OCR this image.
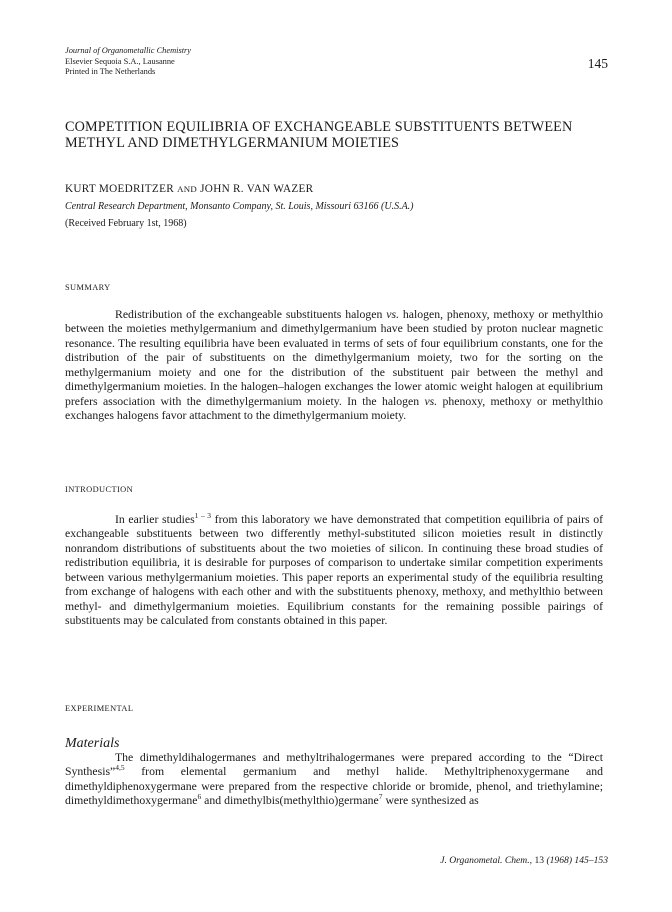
Journal of Organometallic Chemistry
Elsevier Sequoia S.A., Lausanne
Printed in The Netherlands
145
COMPETITION EQUILIBRIA OF EXCHANGEABLE SUBSTITUENTS BETWEEN METHYL AND DIMETHYLGERMANIUM MOIETIES
KURT MOEDRITZER AND JOHN R. VAN WAZER
Central Research Department, Monsanto Company, St. Louis, Missouri 63166 (U.S.A.)
(Received February 1st, 1968)
SUMMARY

Redistribution of the exchangeable substituents halogen vs. halogen, phenoxy, methoxy or methylthio between the moieties methylgermanium and dimethylgermanium have been studied by proton nuclear magnetic resonance. The resulting equilibria have been evaluated in terms of sets of four equilibrium constants, one for the distribution of the pair of substituents on the dimethylgermanium moiety, two for the sorting on the methylgermanium moiety and one for the distribution of the substituent pair between the methyl and dimethylgermanium moieties. In the halogen–halogen exchanges the lower atomic weight halogen at equilibrium prefers association with the dimethylgermanium moiety. In the halogen vs. phenoxy, methoxy or methylthio exchanges halogens favor attachment to the dimethylgermanium moiety.

INTRODUCTION

In earlier studies$^{1 - 3}$ from this laboratory we have demonstrated that competition equilibria of pairs of exchangeable substituents between two differently methyl-substituted silicon moieties result in distinctly nonrandom distributions of substituents about the two moieties of silicon. In continuing these broad studies of redistribution equilibria, it is desirable for purposes of comparison to undertake similar competition experiments between various methylgermanium moieties. This paper reports an experimental study of the equilibria resulting from exchange of halogens with each other and with the substituents phenoxy, methoxy, and methylthio between methyl- and dimethylgermanium moieties. Equilibrium constants for the remaining possible pairings of substituents may be calculated from constants obtained in this paper.

EXPERIMENTAL
Materials

The dimethyldihalogermanes and methyltrihalogermanes were prepared according to the “Direct Synthesis”$^{4,5}$ from elemental germanium and methyl halide. Methyltriphenoxygermane and dimethyldiphenoxygermane were prepared from the respective chloride or bromide, phenol, and triethylamine; dimethyldimethoxygermane$^6$ and dimethylbis(methylthio)germane$^7$ were synthesized as

J. Organometal. Chem., 13 (1968) 145–153
